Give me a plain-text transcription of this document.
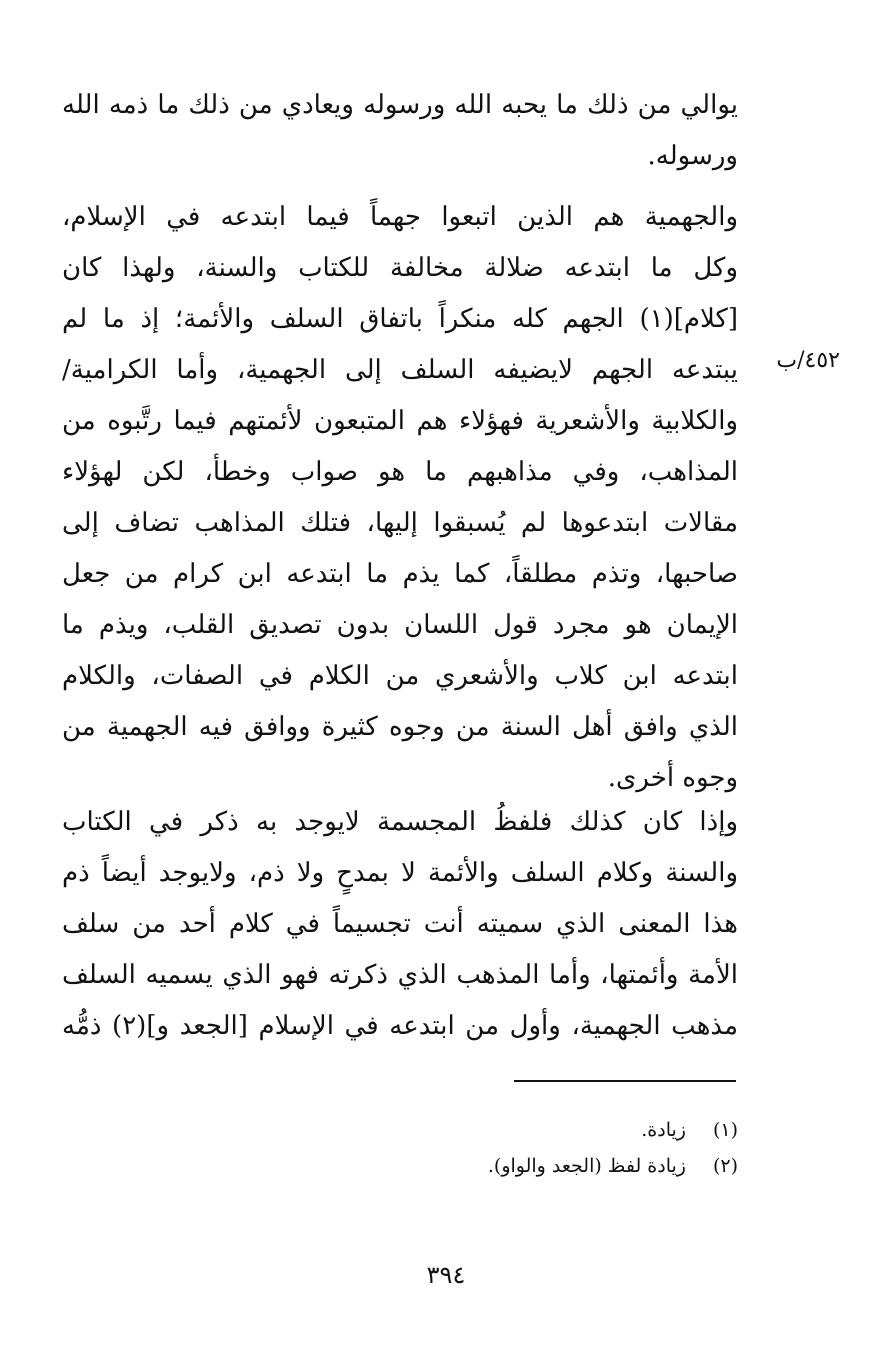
يوالي من ذلك ما يحبه الله ورسوله ويعادي من ذلك ما ذمه الله
ورسوله.
والجهمية هم الذين اتبعوا جهماً فيما ابتدعه في الإسلام،
وكل ما ابتدعه ضلالة مخالفة للكتاب والسنة، ولهذا كان
[كلام](١) الجهم كله منكراً باتفاق السلف والأئمة؛ إذ ما لم
يبتدعه الجهم لايضيفه السلف إلى الجهمية، وأما الكرامية/
والكلابية والأشعرية فهؤلاء هم المتبعون لأئمتهم فيما رتَّبوه من
المذاهب، وفي مذاهبهم ما هو صواب وخطأ، لكن لهؤلاء
مقالات ابتدعوها لم يُسبقوا إليها، فتلك المذاهب تضاف إلى
صاحبها، وتذم مطلقاً، كما يذم ما ابتدعه ابن كرام من جعل
الإيمان هو مجرد قول اللسان بدون تصديق القلب، ويذم ما
ابتدعه ابن كلاب والأشعري من الكلام في الصفات، والكلام
الذي وافق أهل السنة من وجوه كثيرة ووافق فيه الجهمية من
وجوه أخرى.
وإذا كان كذلك فلفظُ المجسمة لايوجد به ذكر في الكتاب
والسنة وكلام السلف والأئمة لا بمدحٍ ولا ذم، ولايوجد أيضاً ذم
هذا المعنى الذي سميته أنت تجسيماً في كلام أحد من سلف
الأمة وأئمتها، وأما المذهب الذي ذكرته فهو الذي يسميه السلف
مذهب الجهمية، وأول من ابتدعه في الإسلام [الجعد و](٢) ذمُّه
٤٥٢/ب
(١) زيادة.
(٢) زيادة لفظ (الجعد والواو).
٣٩٤
